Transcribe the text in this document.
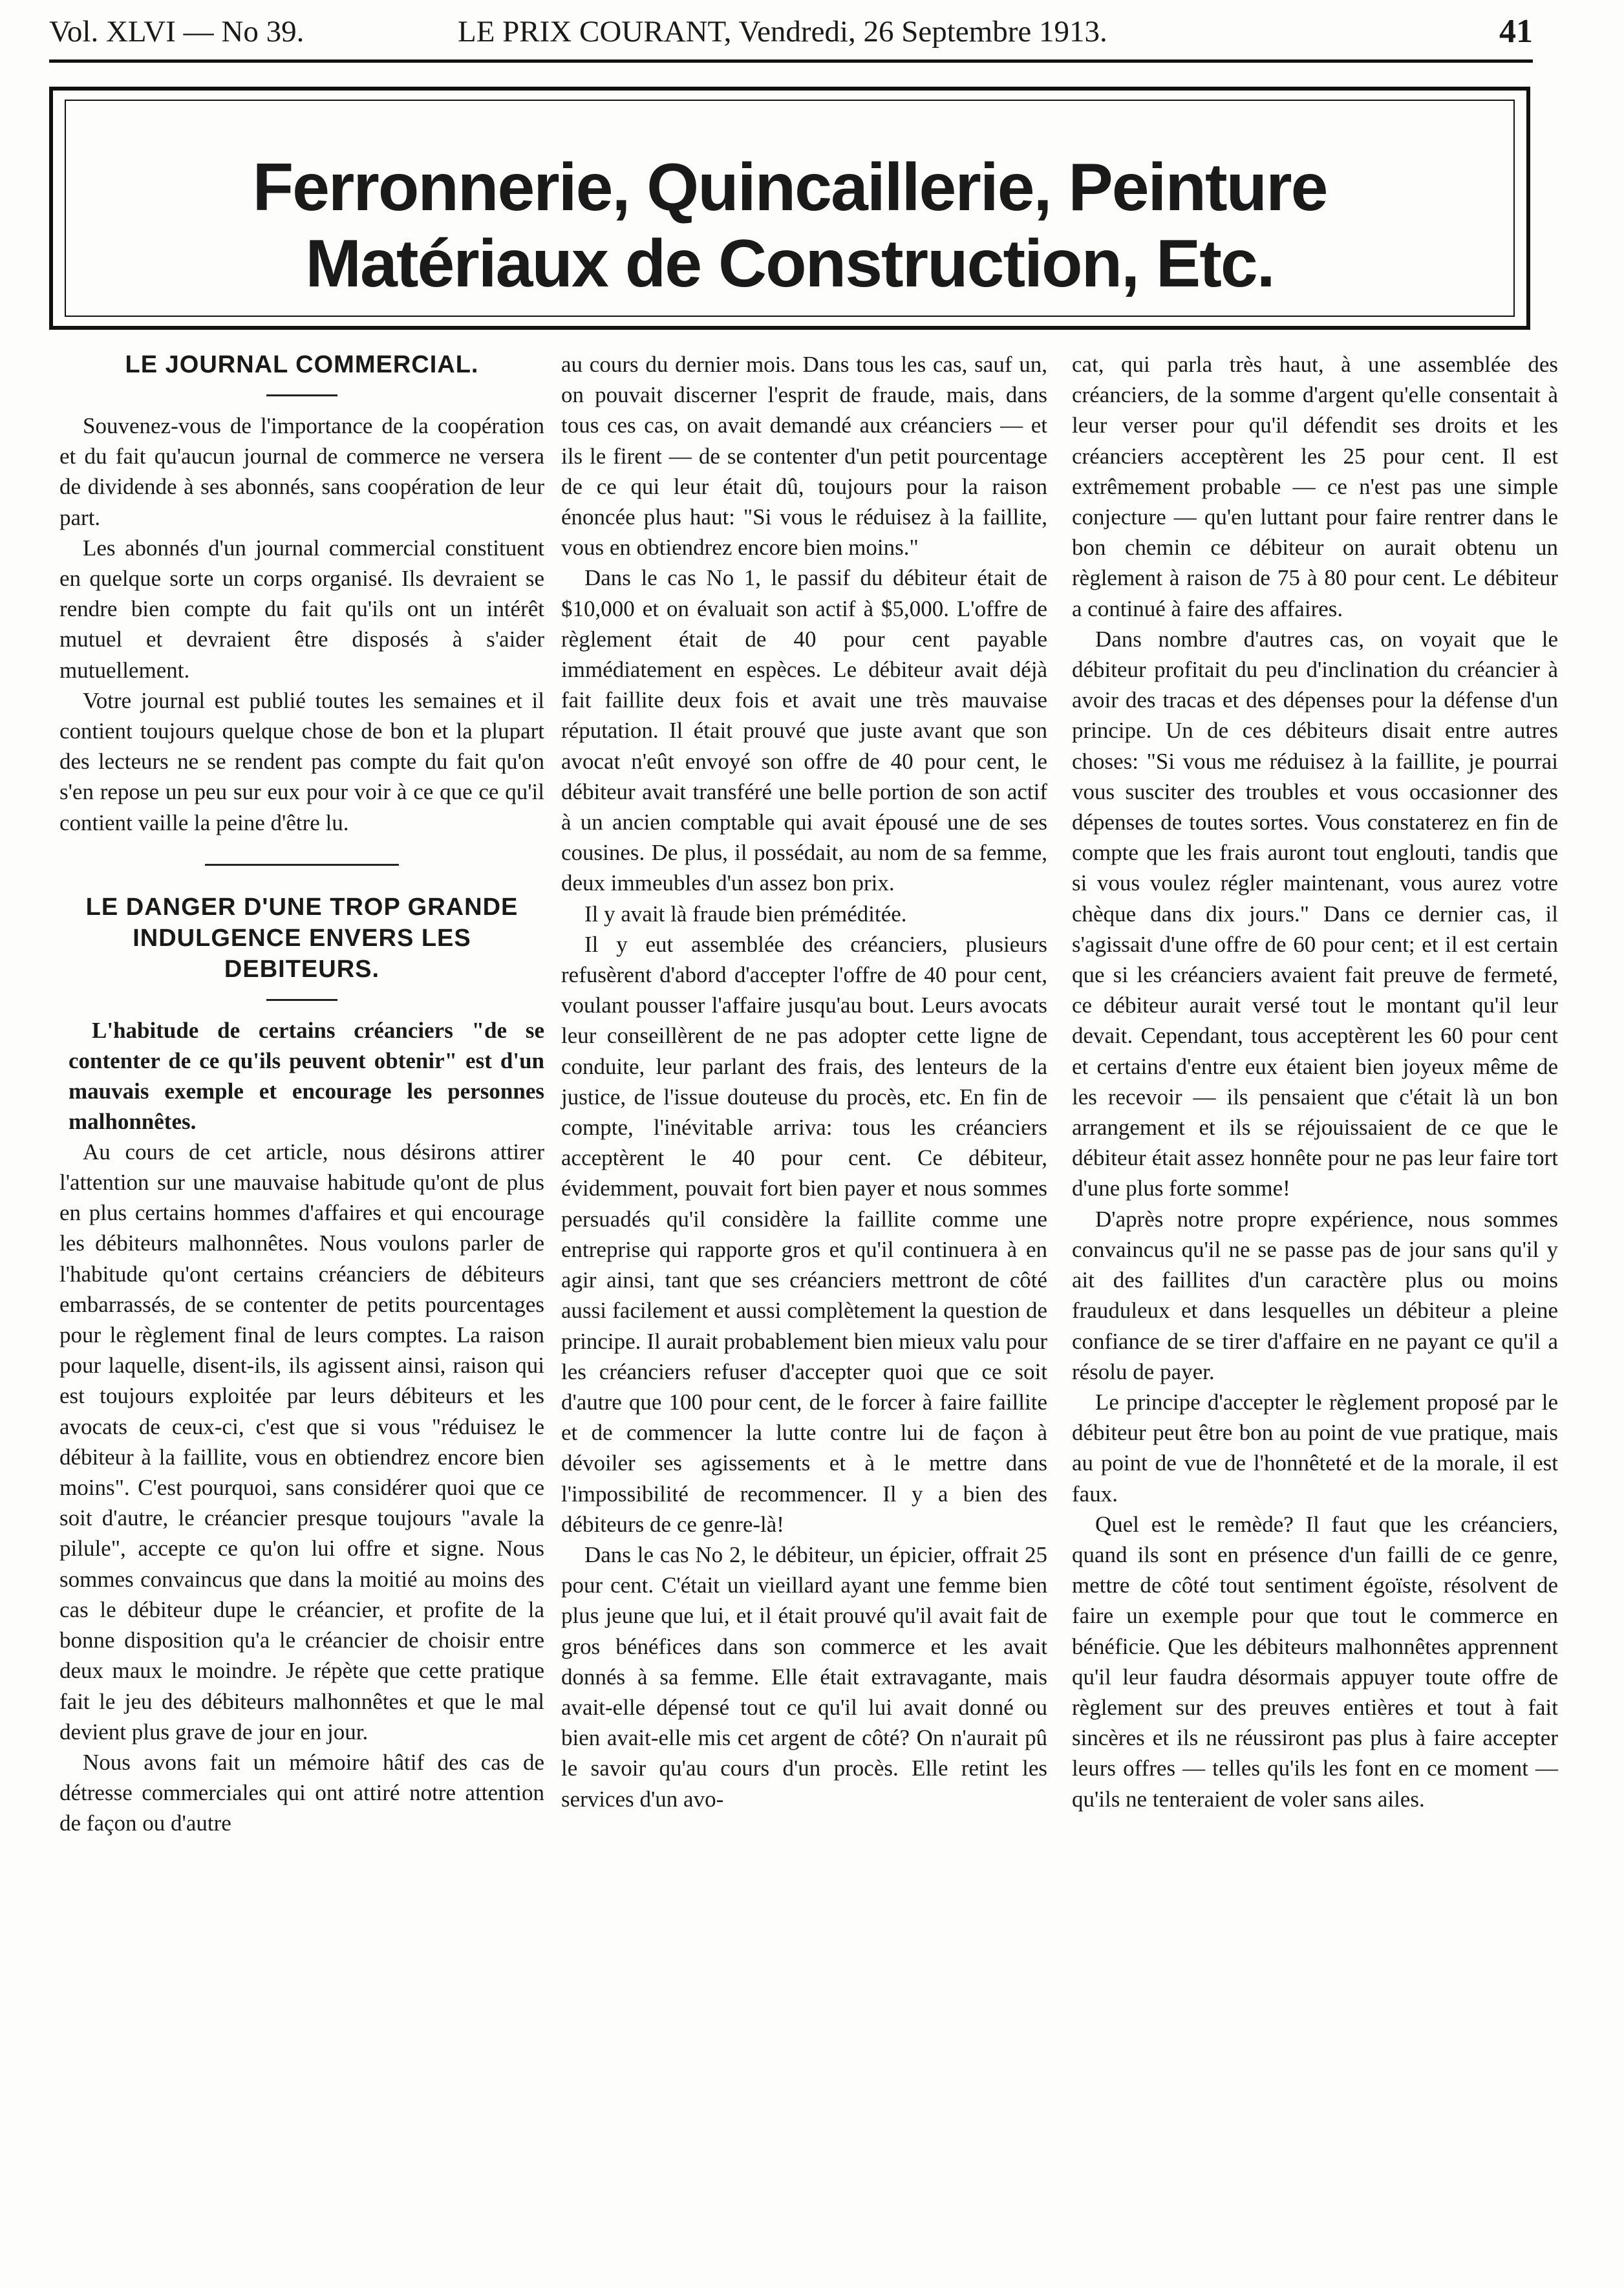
Vol. XLVI — No 39.	LE PRIX COURANT, Vendredi, 26 Septembre 1913.	41
Ferronnerie, Quincaillerie, Peinture
Matériaux de Construction, Etc.
LE JOURNAL COMMERCIAL.

Souvenez-vous de l'importance de la coopération et du fait qu'aucun journal de commerce ne versera de dividende à ses abonnés, sans coopération de leur part.

Les abonnés d'un journal commercial constituent en quelque sorte un corps organisé. Ils devraient se rendre bien compte du fait qu'ils ont un intérêt mutuel et devraient être disposés à s'aider mutuellement.

Votre journal est publié toutes les semaines et il contient toujours quelque chose de bon et la plupart des lecteurs ne se rendent pas compte du fait qu'on s'en repose un peu sur eux pour voir à ce que ce qu'il contient vaille la peine d'être lu.

LE DANGER D'UNE TROP GRANDE INDULGENCE ENVERS LES DEBITEURS.

L'habitude de certains créanciers "de se contenter de ce qu'ils peuvent obtenir" est d'un mauvais exemple et encourage les personnes malhonnêtes.

Au cours de cet article, nous désirons attirer l'attention sur une mauvaise habitude qu'ont de plus en plus certains hommes d'affaires et qui encourage les débiteurs malhonnêtes. Nous voulons parler de l'habitude qu'ont certains créanciers de débiteurs embarrassés, de se contenter de petits pourcentages pour le règlement final de leurs comptes. La raison pour laquelle, disent-ils, ils agissent ainsi, raison qui est toujours exploitée par leurs débiteurs et les avocats de ceux-ci, c'est que si vous "réduisez le débiteur à la faillite, vous en obtiendrez encore bien moins". C'est pourquoi, sans considérer quoi que ce soit d'autre, le créancier presque toujours "avale la pilule", accepte ce qu'on lui offre et signe. Nous sommes convaincus que dans la moitié au moins des cas le débiteur dupe le créancier, et profite de la bonne disposition qu'a le créancier de choisir entre deux maux le moindre. Je répète que cette pratique fait le jeu des débiteurs malhonnêtes et que le mal devient plus grave de jour en jour.

Nous avons fait un mémoire hâtif des cas de détresse commerciales qui ont attiré notre attention de façon ou d'autre

au cours du dernier mois. Dans tous les cas, sauf un, on pouvait discerner l'esprit de fraude, mais, dans tous ces cas, on avait demandé aux créanciers — et ils le firent — de se contenter d'un petit pourcentage de ce qui leur était dû, toujours pour la raison énoncée plus haut: "Si vous le réduisez à la faillite, vous en obtiendrez encore bien moins."

Dans le cas No 1, le passif du débiteur était de $10,000 et on évaluait son actif à $5,000. L'offre de règlement était de 40 pour cent payable immédiatement en espèces. Le débiteur avait déjà fait faillite deux fois et avait une très mauvaise réputation. Il était prouvé que juste avant que son avocat n'eût envoyé son offre de 40 pour cent, le débiteur avait transféré une belle portion de son actif à un ancien comptable qui avait épousé une de ses cousines. De plus, il possédait, au nom de sa femme, deux immeubles d'un assez bon prix.

Il y avait là fraude bien préméditée.

Il y eut assemblée des créanciers, plusieurs refusèrent d'abord d'accepter l'offre de 40 pour cent, voulant pousser l'affaire jusqu'au bout. Leurs avocats leur conseillèrent de ne pas adopter cette ligne de conduite, leur parlant des frais, des lenteurs de la justice, de l'issue douteuse du procès, etc. En fin de compte, l'inévitable arriva: tous les créanciers acceptèrent le 40 pour cent. Ce débiteur, évidemment, pouvait fort bien payer et nous sommes persuadés qu'il considère la faillite comme une entreprise qui rapporte gros et qu'il continuera à en agir ainsi, tant que ses créanciers mettront de côté aussi facilement et aussi complètement la question de principe. Il aurait probablement bien mieux valu pour les créanciers refuser d'accepter quoi que ce soit d'autre que 100 pour cent, de le forcer à faire faillite et de commencer la lutte contre lui de façon à dévoiler ses agissements et à le mettre dans l'impossibilité de recommencer. Il y a bien des débiteurs de ce genre-là!

Dans le cas No 2, le débiteur, un épicier, offrait 25 pour cent. C'était un vieillard ayant une femme bien plus jeune que lui, et il était prouvé qu'il avait fait de gros bénéfices dans son commerce et les avait donnés à sa femme. Elle était extravagante, mais avait-elle dépensé tout ce qu'il lui avait donné ou bien avait-elle mis cet argent de côté? On n'aurait pû le savoir qu'au cours d'un procès. Elle retint les services d'un avo-

cat, qui parla très haut, à une assemblée des créanciers, de la somme d'argent qu'elle consentait à leur verser pour qu'il défendit ses droits et les créanciers acceptèrent les 25 pour cent. Il est extrêmement probable — ce n'est pas une simple conjecture — qu'en luttant pour faire rentrer dans le bon chemin ce débiteur on aurait obtenu un règlement à raison de 75 à 80 pour cent. Le débiteur a continué à faire des affaires.

Dans nombre d'autres cas, on voyait que le débiteur profitait du peu d'inclination du créancier à avoir des tracas et des dépenses pour la défense d'un principe. Un de ces débiteurs disait entre autres choses: "Si vous me réduisez à la faillite, je pourrai vous susciter des troubles et vous occasionner des dépenses de toutes sortes. Vous constaterez en fin de compte que les frais auront tout englouti, tandis que si vous voulez régler maintenant, vous aurez votre chèque dans dix jours." Dans ce dernier cas, il s'agissait d'une offre de 60 pour cent; et il est certain que si les créanciers avaient fait preuve de fermeté, ce débiteur aurait versé tout le montant qu'il leur devait. Cependant, tous acceptèrent les 60 pour cent et certains d'entre eux étaient bien joyeux même de les recevoir — ils pensaient que c'était là un bon arrangement et ils se réjouissaient de ce que le débiteur était assez honnête pour ne pas leur faire tort d'une plus forte somme!

D'après notre propre expérience, nous sommes convaincus qu'il ne se passe pas de jour sans qu'il y ait des faillites d'un caractère plus ou moins frauduleux et dans lesquelles un débiteur a pleine confiance de se tirer d'affaire en ne payant ce qu'il a résolu de payer.

Le principe d'accepter le règlement proposé par le débiteur peut être bon au point de vue pratique, mais au point de vue de l'honnêteté et de la morale, il est faux.

Quel est le remède? Il faut que les créanciers, quand ils sont en présence d'un failli de ce genre, mettre de côté tout sentiment égoïste, résolvent de faire un exemple pour que tout le commerce en bénéficie. Que les débiteurs malhonnêtes apprennent qu'il leur faudra désormais appuyer toute offre de règlement sur des preuves entières et tout à fait sincères et ils ne réussiront pas plus à faire accepter leurs offres — telles qu'ils les font en ce moment — qu'ils ne tenteraient de voler sans ailes.
